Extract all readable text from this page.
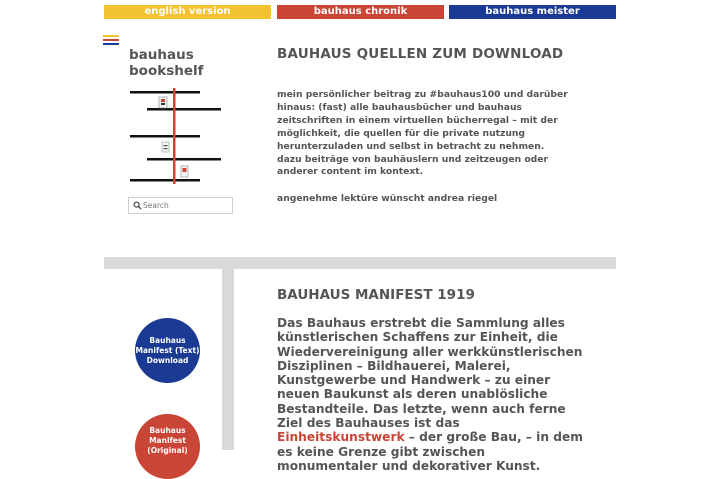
english version	bauhaus chronik	bauhaus meister
bauhaus
bookshelf
Search
BAUHAUS QUELLEN ZUM DOWNLOAD
mein persönlicher beitrag zu #bauhaus100 und darüber hinaus: (fast) alle bauhausbücher und bauhaus zeitschriften in einem virtuellen bücherregal – mit der möglichkeit, die quellen für die private nutzung herunterzuladen und selbst in betracht zu nehmen. dazu beiträge von bauhäuslern und zeitzeugen oder anderer content im kontext.
angenehme lektüre wünscht andrea riegel
Bauhaus Manifest (Text) Download
Bauhaus Manifest (Original)
BAUHAUS MANIFEST 1919
Das Bauhaus erstrebt die Sammlung alles künstlerischen Schaffens zur Einheit, die Wiedervereinigung aller werkkünstlerischen Disziplinen – Bildhauerei, Malerei, Kunstgewerbe und Handwerk – zu einer neuen Baukunst als deren unablösliche Bestandteile. Das letzte, wenn auch ferne Ziel des Bauhauses ist das Einheitskunstwerk – der große Bau, – in dem es keine Grenze gibt zwischen monumentaler und dekorativer Kunst.
